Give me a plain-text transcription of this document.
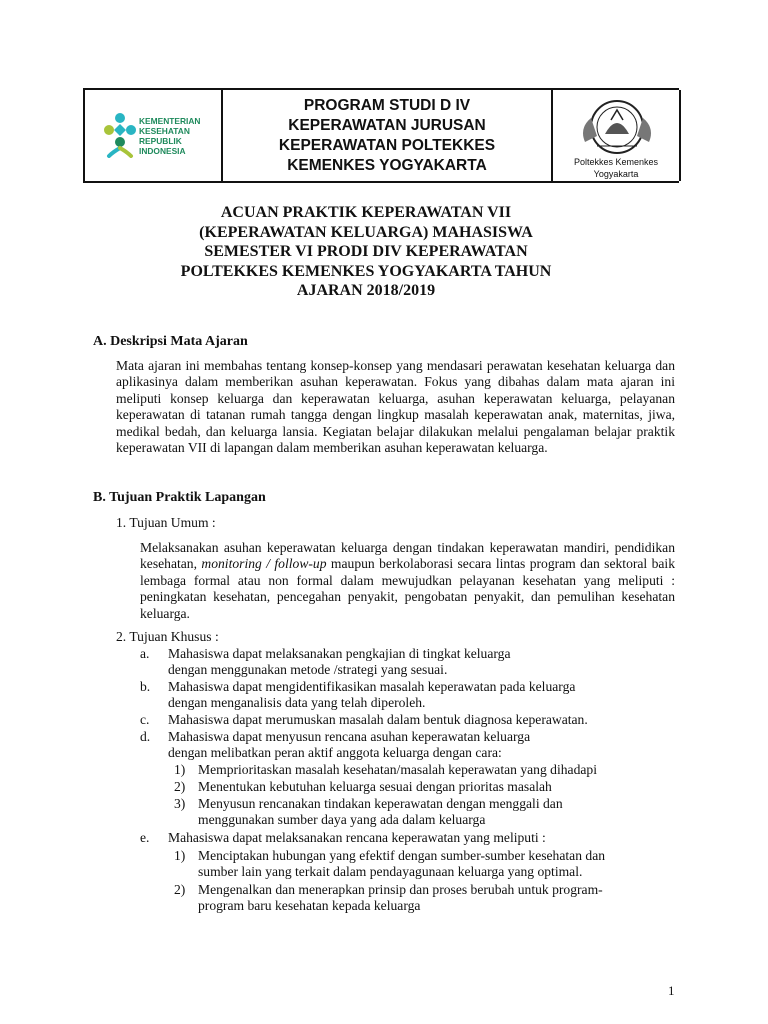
KEMENTERIAN
KESEHATAN
REPUBLIK
INDONESIA
PROGRAM STUDI D IV
KEPERAWATAN JURUSAN
KEPERAWATAN POLTEKKES
KEMENKES YOGYAKARTA	Poltekkes Kemenkes
Yogyakarta
ACUAN PRAKTIK KEPERAWATAN VII
(KEPERAWATAN KELUARGA) MAHASISWA
SEMESTER VI PRODI DIV KEPERAWATAN
POLTEKKES KEMENKES YOGYAKARTA TAHUN
AJARAN 2018/2019
A. Deskripsi Mata Ajaran
Mata ajaran ini membahas tentang konsep-konsep yang mendasari perawatan kesehatan keluarga dan aplikasinya dalam memberikan asuhan keperawatan. Fokus yang dibahas dalam mata ajaran ini meliputi konsep keluarga dan keperawatan keluarga, asuhan keperawatan keluarga, pelayanan keperawatan di tatanan rumah tangga dengan lingkup masalah keperawatan anak, maternitas, jiwa, medikal bedah, dan keluarga lansia. Kegiatan belajar dilakukan melalui pengalaman belajar praktik keperawatan VII di lapangan dalam memberikan asuhan keperawatan keluarga.
B. Tujuan Praktik Lapangan
1. Tujuan Umum :
Melaksanakan asuhan keperawatan keluarga dengan tindakan keperawatan mandiri, pendidikan kesehatan, monitoring / follow-up maupun berkolaborasi secara lintas program dan sektoral baik lembaga formal atau non formal dalam mewujudkan pelayanan kesehatan yang meliputi : peningkatan kesehatan, pencegahan penyakit, pengobatan penyakit, dan pemulihan kesehatan keluarga.
2. Tujuan Khusus :
a. Mahasiswa dapat melaksanakan pengkajian di tingkat keluarga
dengan menggunakan metode /strategi yang sesuai.
b. Mahasiswa dapat mengidentifikasikan masalah keperawatan pada keluarga
dengan menganalisis data yang telah diperoleh.
c. Mahasiswa dapat merumuskan masalah dalam bentuk diagnosa keperawatan.
d. Mahasiswa dapat menyusun rencana asuhan keperawatan keluarga
dengan melibatkan peran aktif anggota keluarga dengan cara:
1) Memprioritaskan masalah kesehatan/masalah keperawatan yang dihadapi
2) Menentukan kebutuhan keluarga sesuai dengan prioritas masalah
3) Menyusun rencanakan tindakan keperawatan dengan menggali dan
menggunakan sumber daya yang ada dalam keluarga
e. Mahasiswa dapat melaksanakan rencana keperawatan yang meliputi :
1) Menciptakan hubungan yang efektif dengan sumber-sumber kesehatan dan
sumber lain yang terkait dalam pendayagunaan keluarga yang optimal.
2) Mengenalkan dan menerapkan prinsip dan proses berubah untuk program-
program baru kesehatan kepada keluarga
1
